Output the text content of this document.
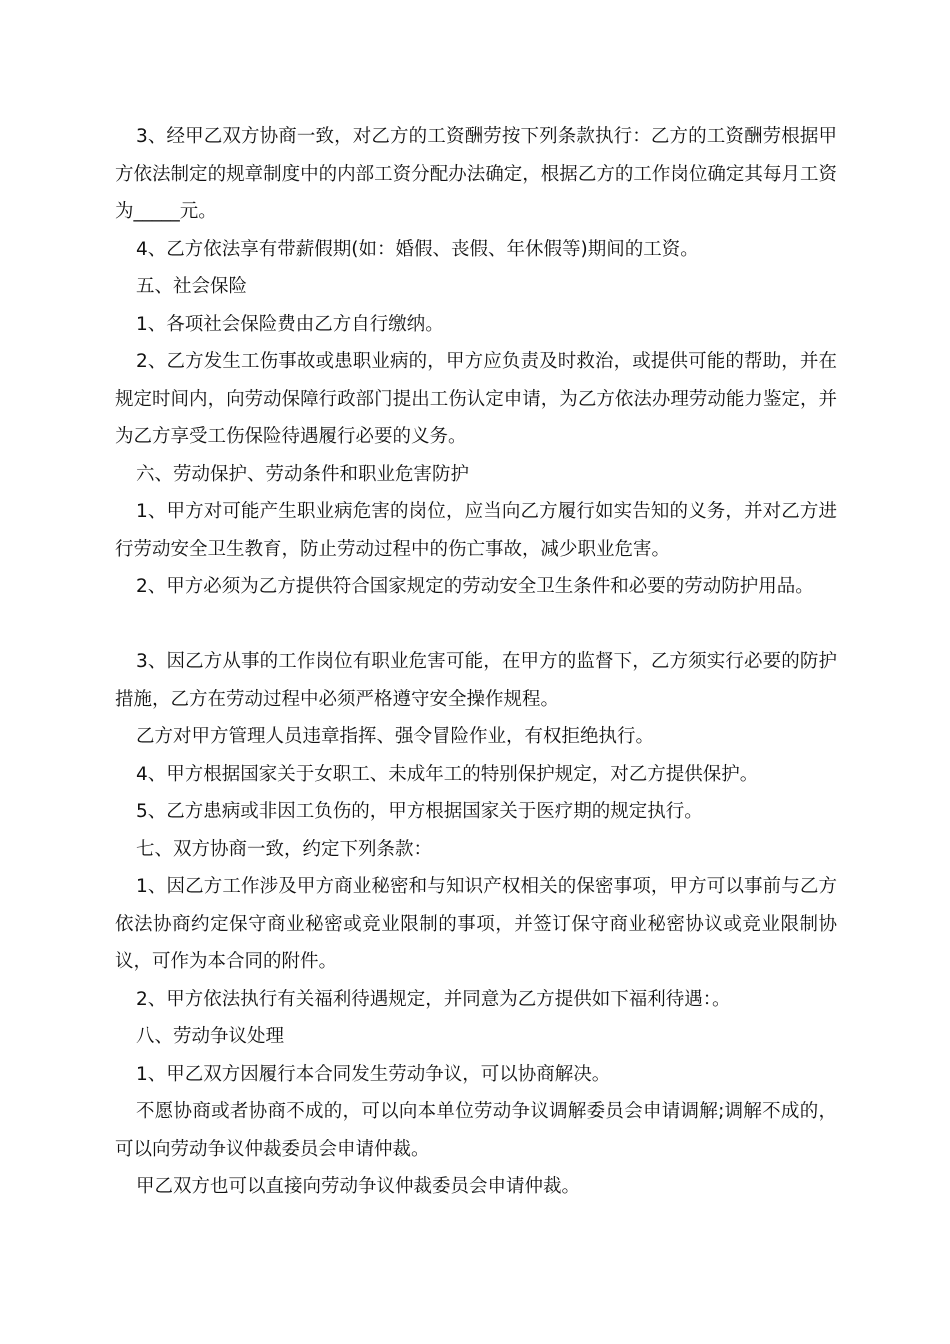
3、经甲乙双方协商一致，对乙方的工资酬劳按下列条款执行：乙方的工资酬劳根据甲方依法制定的规章制度中的内部工资分配办法确定，根据乙方的工作岗位确定其每月工资为_____元。

4、乙方依法享有带薪假期(如：婚假、丧假、年休假等)期间的工资。

五、社会保险

1、各项社会保险费由乙方自行缴纳。

2、乙方发生工伤事故或患职业病的，甲方应负责及时救治，或提供可能的帮助，并在规定时间内，向劳动保障行政部门提出工伤认定申请，为乙方依法办理劳动能力鉴定，并为乙方享受工伤保险待遇履行必要的义务。

六、劳动保护、劳动条件和职业危害防护

1、甲方对可能产生职业病危害的岗位，应当向乙方履行如实告知的义务，并对乙方进行劳动安全卫生教育，防止劳动过程中的伤亡事故，减少职业危害。

2、甲方必须为乙方提供符合国家规定的劳动安全卫生条件和必要的劳动防护用品。

3、因乙方从事的工作岗位有职业危害可能，在甲方的监督下，乙方须实行必要的防护措施，乙方在劳动过程中必须严格遵守安全操作规程。

乙方对甲方管理人员违章指挥、强令冒险作业，有权拒绝执行。

4、甲方根据国家关于女职工、未成年工的特别保护规定，对乙方提供保护。

5、乙方患病或非因工负伤的，甲方根据国家关于医疗期的规定执行。

七、双方协商一致，约定下列条款：

1、因乙方工作涉及甲方商业秘密和与知识产权相关的保密事项，甲方可以事前与乙方依法协商约定保守商业秘密或竞业限制的事项，并签订保守商业秘密协议或竞业限制协议，可作为本合同的附件。

2、甲方依法执行有关福利待遇规定，并同意为乙方提供如下福利待遇：。

八、劳动争议处理

1、甲乙双方因履行本合同发生劳动争议，可以协商解决。

不愿协商或者协商不成的，可以向本单位劳动争议调解委员会申请调解;调解不成的，可以向劳动争议仲裁委员会申请仲裁。

甲乙双方也可以直接向劳动争议仲裁委员会申请仲裁。
